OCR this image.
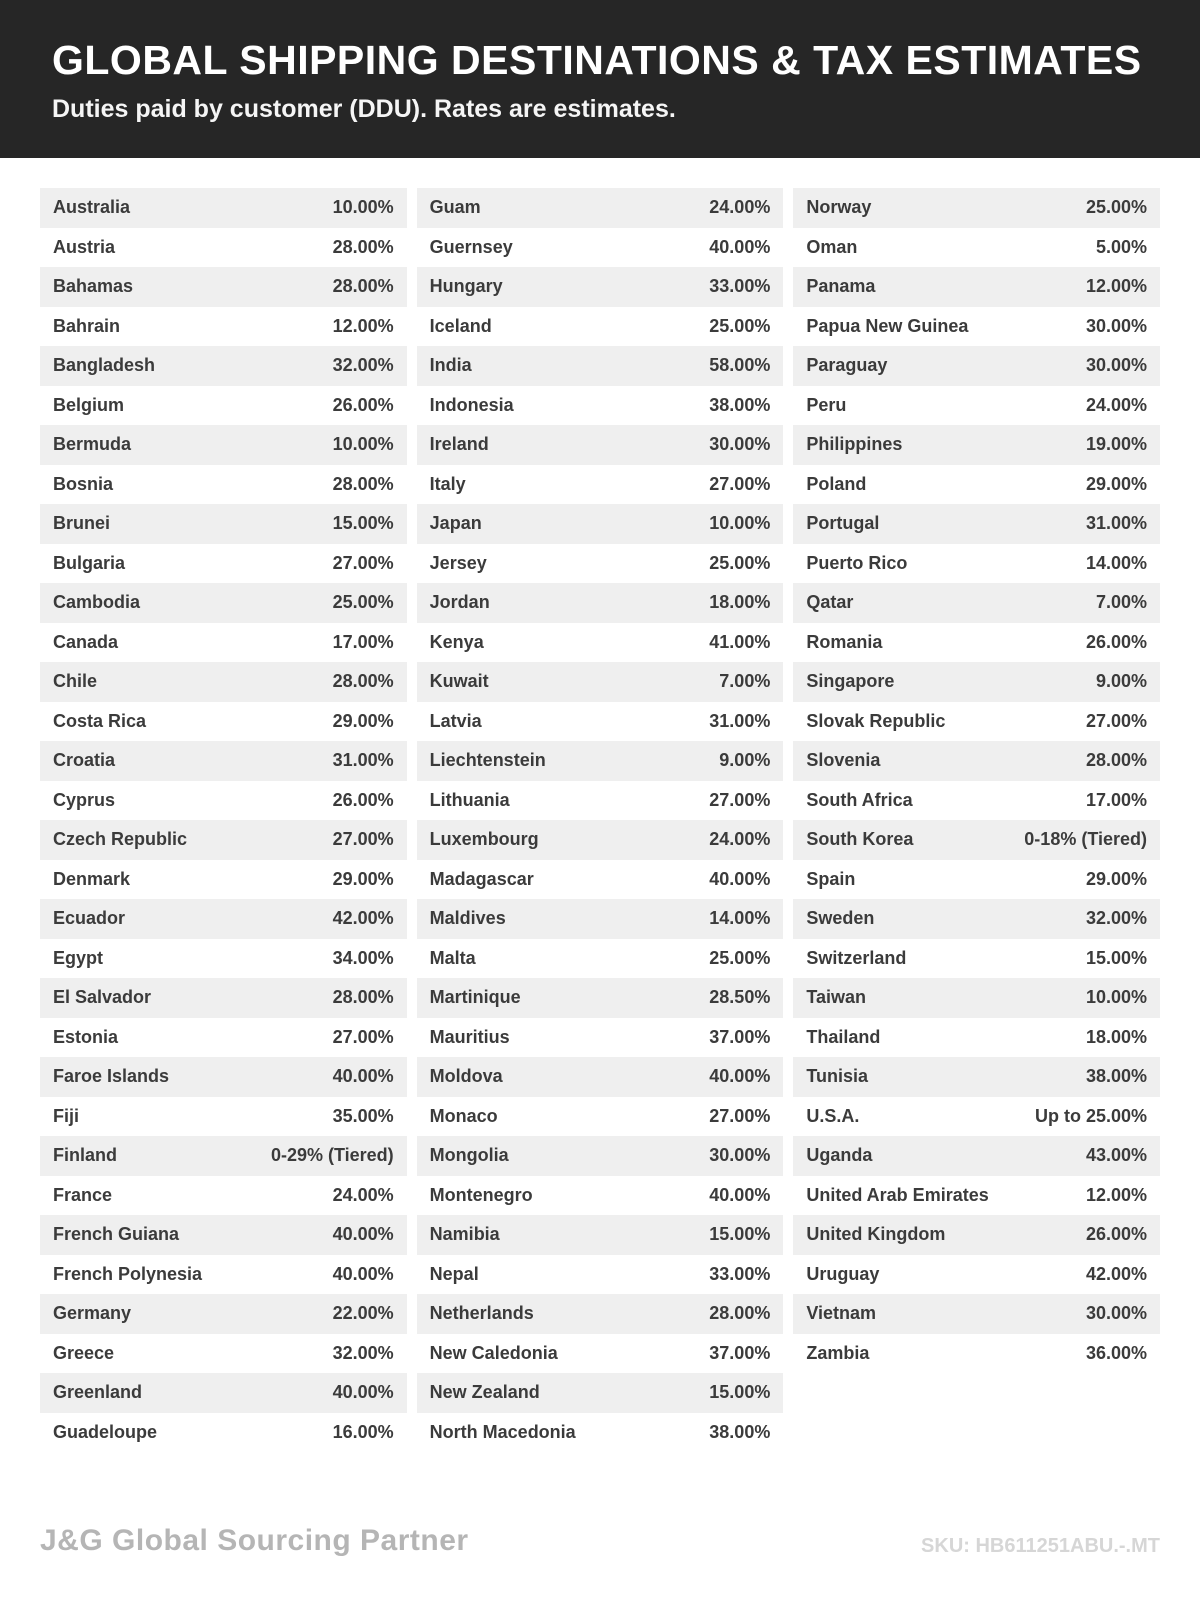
GLOBAL SHIPPING DESTINATIONS & TAX ESTIMATES
Duties paid by customer (DDU). Rates are estimates.
Australia	10.00%
Austria	28.00%
Bahamas	28.00%
Bahrain	12.00%
Bangladesh	32.00%
Belgium	26.00%
Bermuda	10.00%
Bosnia	28.00%
Brunei	15.00%
Bulgaria	27.00%
Cambodia	25.00%
Canada	17.00%
Chile	28.00%
Costa Rica	29.00%
Croatia	31.00%
Cyprus	26.00%
Czech Republic	27.00%
Denmark	29.00%
Ecuador	42.00%
Egypt	34.00%
El Salvador	28.00%
Estonia	27.00%
Faroe Islands	40.00%
Fiji	35.00%
Finland	0-29% (Tiered)
France	24.00%
French Guiana	40.00%
French Polynesia	40.00%
Germany	22.00%
Greece	32.00%
Greenland	40.00%
Guadeloupe	16.00%
Guam	24.00%
Guernsey	40.00%
Hungary	33.00%
Iceland	25.00%
India	58.00%
Indonesia	38.00%
Ireland	30.00%
Italy	27.00%
Japan	10.00%
Jersey	25.00%
Jordan	18.00%
Kenya	41.00%
Kuwait	7.00%
Latvia	31.00%
Liechtenstein	9.00%
Lithuania	27.00%
Luxembourg	24.00%
Madagascar	40.00%
Maldives	14.00%
Malta	25.00%
Martinique	28.50%
Mauritius	37.00%
Moldova	40.00%
Monaco	27.00%
Mongolia	30.00%
Montenegro	40.00%
Namibia	15.00%
Nepal	33.00%
Netherlands	28.00%
New Caledonia	37.00%
New Zealand	15.00%
North Macedonia	38.00%
Norway	25.00%
Oman	5.00%
Panama	12.00%
Papua New Guinea	30.00%
Paraguay	30.00%
Peru	24.00%
Philippines	19.00%
Poland	29.00%
Portugal	31.00%
Puerto Rico	14.00%
Qatar	7.00%
Romania	26.00%
Singapore	9.00%
Slovak Republic	27.00%
Slovenia	28.00%
South Africa	17.00%
South Korea	0-18% (Tiered)
Spain	29.00%
Sweden	32.00%
Switzerland	15.00%
Taiwan	10.00%
Thailand	18.00%
Tunisia	38.00%
U.S.A.	Up to 25.00%
Uganda	43.00%
United Arab Emirates	12.00%
United Kingdom	26.00%
Uruguay	42.00%
Vietnam	30.00%
Zambia	36.00%
J&G Global Sourcing Partner	SKU: HB611251ABU.-.MT
